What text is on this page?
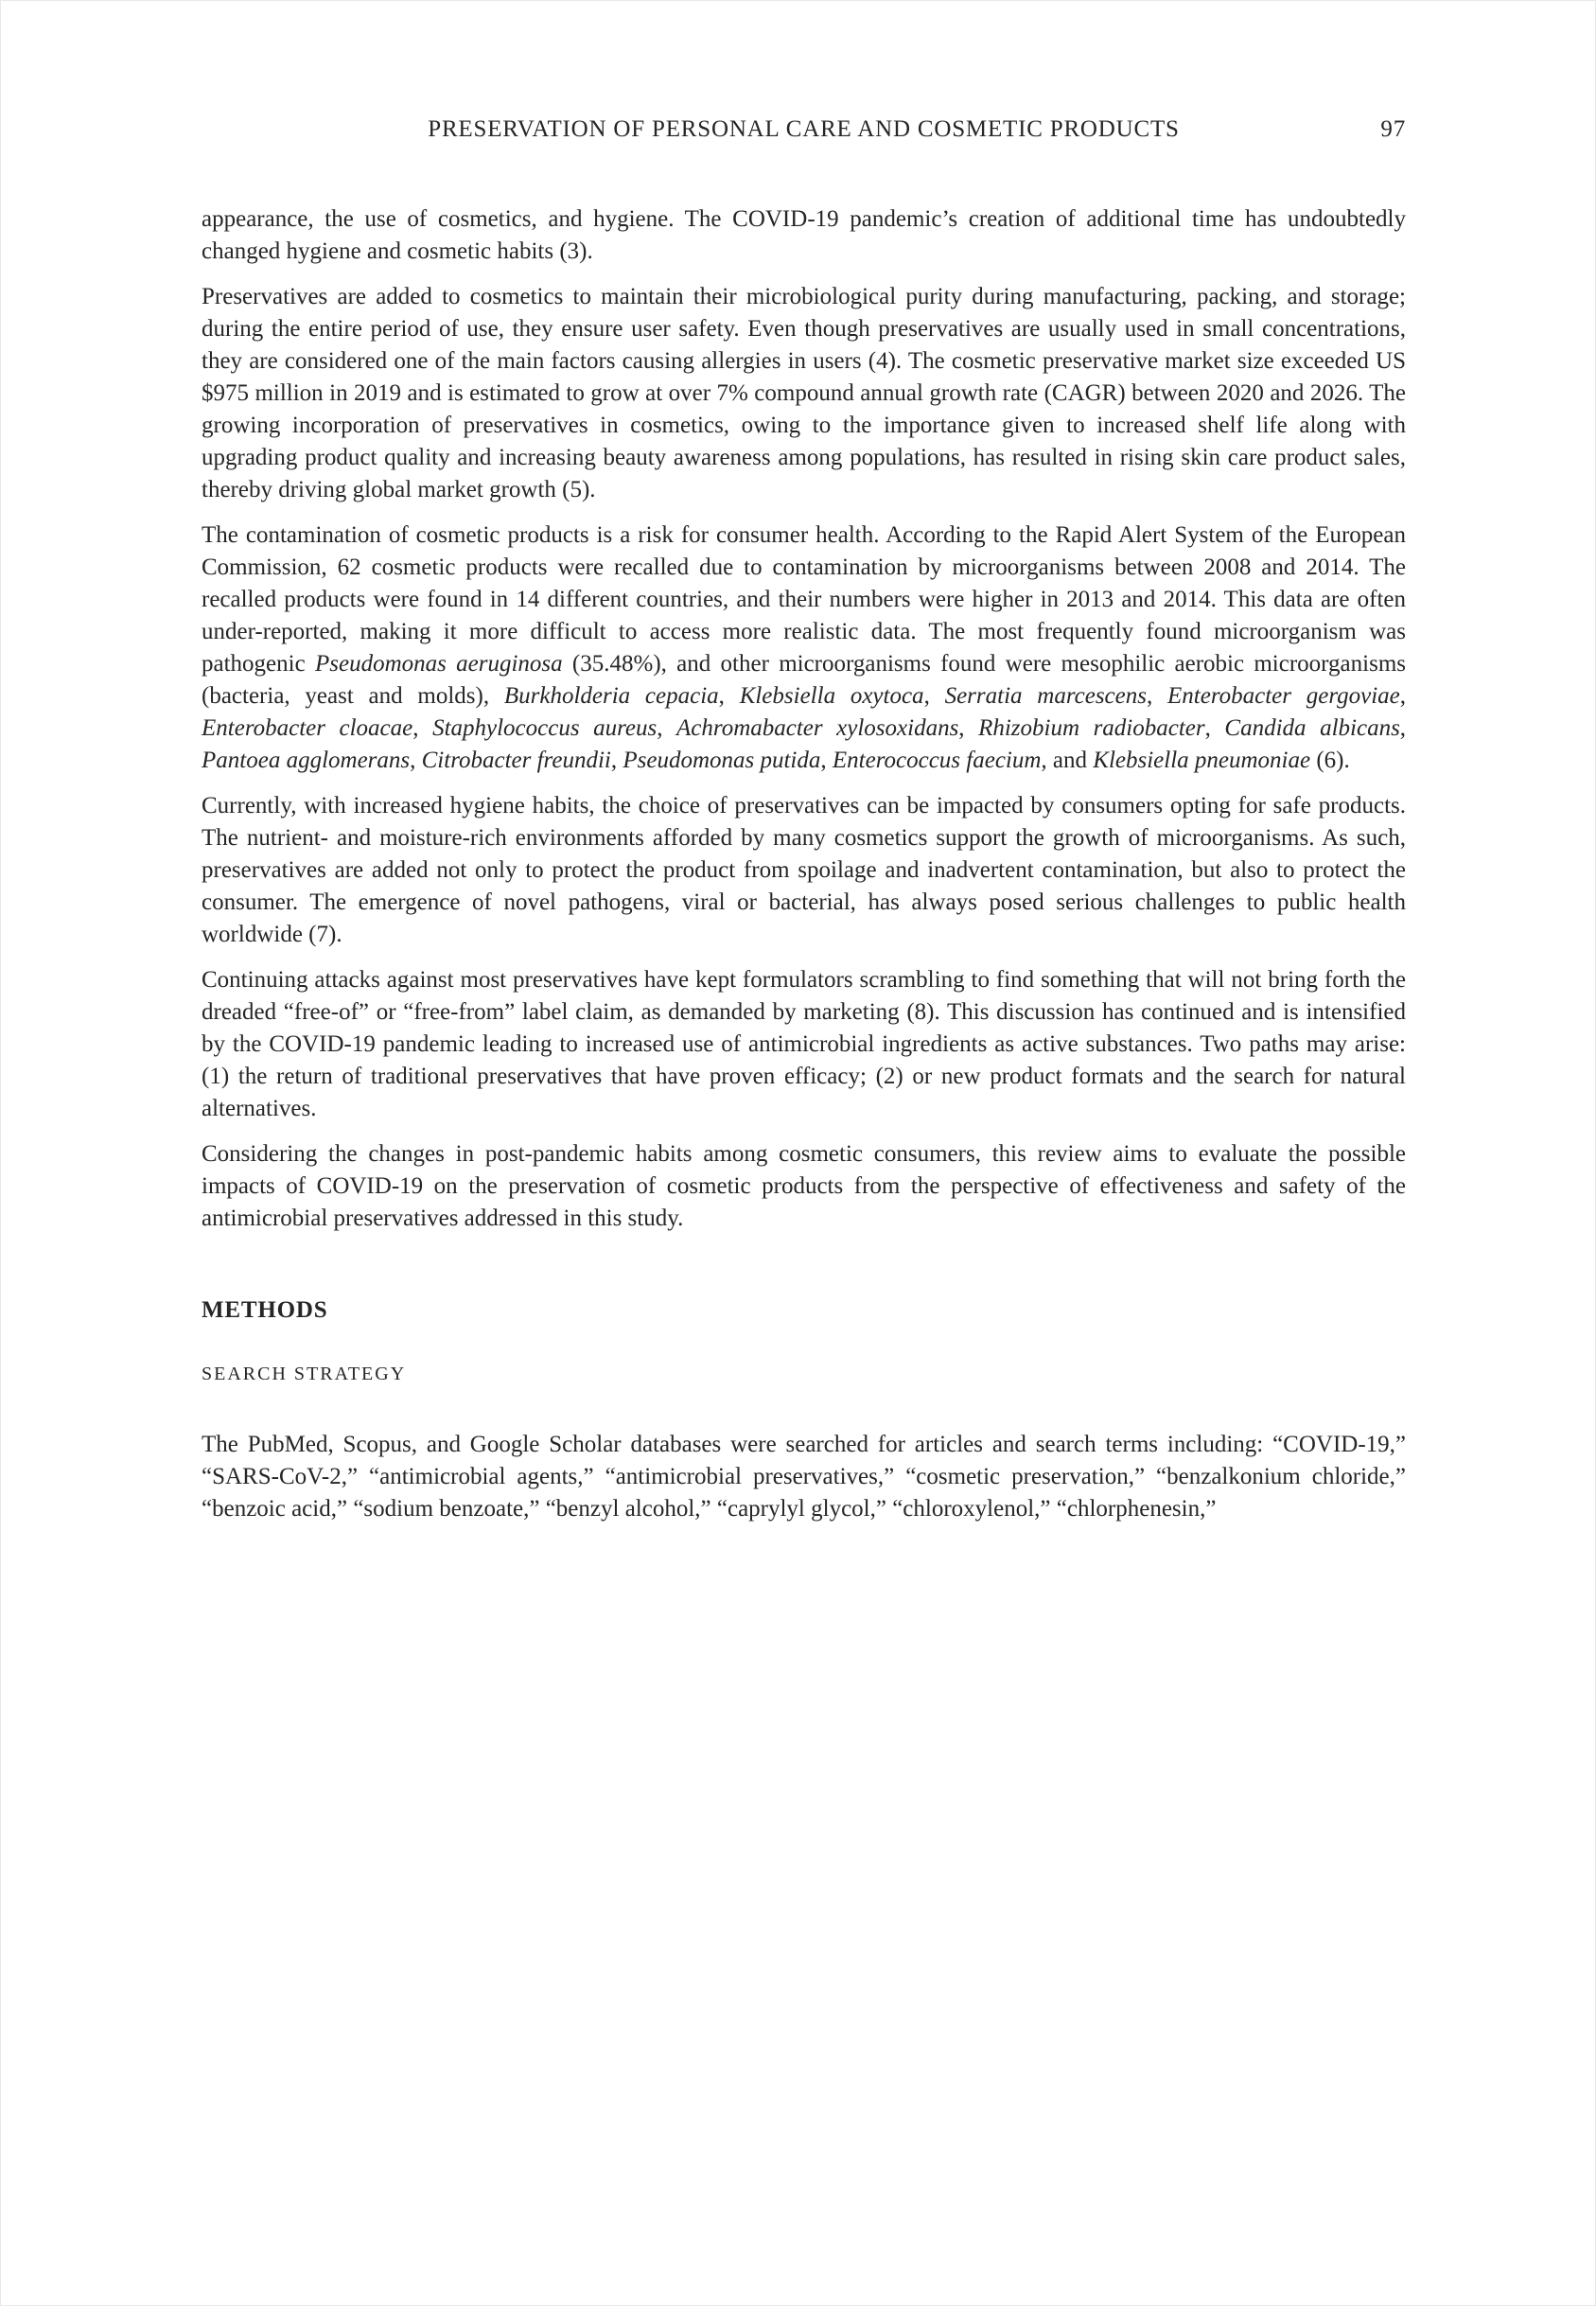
PRESERVATION OF PERSONAL CARE AND COSMETIC PRODUCTS	97

appearance, the use of cosmetics, and hygiene. The COVID-19 pandemic’s creation of additional time has undoubtedly changed hygiene and cosmetic habits (3).

Preservatives are added to cosmetics to maintain their microbiological purity during manufacturing, packing, and storage; during the entire period of use, they ensure user safety. Even though preservatives are usually used in small concentrations, they are considered one of the main factors causing allergies in users (4). The cosmetic preservative market size exceeded US $975 million in 2019 and is estimated to grow at over 7% compound annual growth rate (CAGR) between 2020 and 2026. The growing incorporation of preservatives in cosmetics, owing to the importance given to increased shelf life along with upgrading product quality and increasing beauty awareness among populations, has resulted in rising skin care product sales, thereby driving global market growth (5).

The contamination of cosmetic products is a risk for consumer health. According to the Rapid Alert System of the European Commission, 62 cosmetic products were recalled due to contamination by microorganisms between 2008 and 2014. The recalled products were found in 14 different countries, and their numbers were higher in 2013 and 2014. This data are often under-reported, making it more difficult to access more realistic data. The most frequently found microorganism was pathogenic Pseudomonas aeruginosa (35.48%), and other microorganisms found were mesophilic aerobic microorganisms (bacteria, yeast and molds), Burkholderia cepacia, Klebsiella oxytoca, Serratia marcescens, Enterobacter gergoviae, Enterobacter cloacae, Staphylococcus aureus, Achromabacter xylosoxidans, Rhizobium radiobacter, Candida albicans, Pantoea agglomerans, Citrobacter freundii, Pseudomonas putida, Enterococcus faecium, and Klebsiella pneumoniae (6).

Currently, with increased hygiene habits, the choice of preservatives can be impacted by consumers opting for safe products. The nutrient- and moisture-rich environments afforded by many cosmetics support the growth of microorganisms. As such, preservatives are added not only to protect the product from spoilage and inadvertent contamination, but also to protect the consumer. The emergence of novel pathogens, viral or bacterial, has always posed serious challenges to public health worldwide (7).

Continuing attacks against most preservatives have kept formulators scrambling to find something that will not bring forth the dreaded “free-of” or “free-from” label claim, as demanded by marketing (8). This discussion has continued and is intensified by the COVID-19 pandemic leading to increased use of antimicrobial ingredients as active substances. Two paths may arise: (1) the return of traditional preservatives that have proven efficacy; (2) or new product formats and the search for natural alternatives.

Considering the changes in post-pandemic habits among cosmetic consumers, this review aims to evaluate the possible impacts of COVID-19 on the preservation of cosmetic products from the perspective of effectiveness and safety of the antimicrobial preservatives addressed in this study.

METHODS
SEARCH STRATEGY

The PubMed, Scopus, and Google Scholar databases were searched for articles and search terms including: “COVID-19,” “SARS-CoV-2,” “antimicrobial agents,” “antimicrobial preservatives,” “cosmetic preservation,” “benzalkonium chloride,” “benzoic acid,” “sodium benzoate,” “benzyl alcohol,” “caprylyl glycol,” “chloroxylenol,” “chlorphenesin,”
